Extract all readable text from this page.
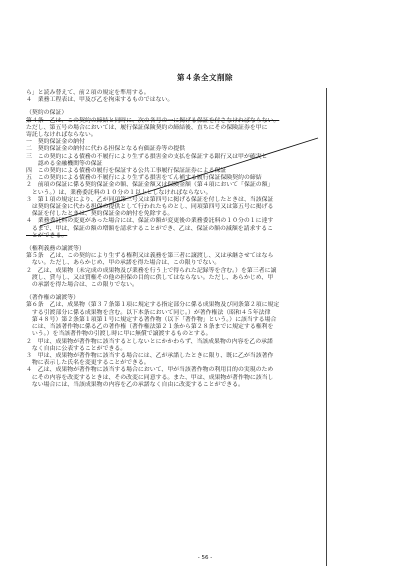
第４条全文削除

ら」と読み替えて、前２項の規定を準用する。

４　業務工程表は、甲及び乙を拘束するものではない。

（契約の保証）

第４条　乙は、この契約の締結と同時に、次の各号の一に掲げる保証を付さなければならない。

ただし、第五号の場合においては、履行保証保険契約の締結後、直ちにその保険証券を甲に

寄託しなければならない。

一　契約保証金の納付

二　契約保証金の納付に代わる担保となる有価証券等の提供

三　この契約による債務の不履行により生ずる損害金の支払を保証する銀行又は甲が確実と

　　認める金融機関等の保証

四　この契約による債務の履行を保証する公共工事履行保証証券による保証

五　この契約による債務の不履行により生ずる損害をてん補する履行保証保険契約の締結

２　前項の保証に係る契約保証金の額、保証金額又は保険金額（第４項において「保証の額」

　という。）は、業務委託料の１０分の１以上としなければならない。

３　第１項の規定により、乙が同項第三号又は第四号に掲げる保証を付したときは、当該保証

　は契約保証金に代わる担保の提供として行われたものとし、同項第四号又は第五号に掲げる

　保証を付したときは、契約保証金の納付を免除する。

４　業務委託料の変更があった場合には、保証の額が変更後の業務委託料の１０分の１に達す

　るまで、甲は、保証の額の増額を請求することができ、乙は、保証の額の減額を請求するこ

　とができる。

（権利義務の譲渡等）

第５条　乙は、この契約により生ずる権利又は義務を第三者に譲渡し、又は承継させてはなら

　ない。ただし、あらかじめ、甲の承諾を得た場合は、この限りでない。

２　乙は、成果物（未完成の成果物及び業務を行う上で得られた記録等を含む。）を第三者に譲

　渡し、貸与し、又は質権その他の担保の目的に供してはならない。ただし、あらかじめ、甲

　の承諾を得た場合は、この限りでない。

（著作権の譲渡等）

第６条　乙は、成果物（第３７条第１項に規定する指定部分に係る成果物及び同条第２項に規定

　する引渡部分に係る成果物を含む。以下本条において同じ。）が著作権法（昭和４５年法律

　第４８号）第２条第１項第１号に規定する著作物（以下「著作物」という。）に該当する場合

　には、当該著作物に係る乙の著作権（著作権法第２１条から第２８条までに規定する権利を

　いう。）を当該著作物の引渡し時に甲に無償で譲渡するものとする。

２　甲は、成果物が著作物に該当するとしないとにかかわらず、当該成果物の内容を乙の承諾

　なく自由に公表することができる。

３　甲は、成果物が著作物に該当する場合には、乙が承諾したときに限り、既に乙が当該著作

　物に表示した氏名を変更することができる。

４　乙は、成果物が著作物に該当する場合において、甲が当該著作物の利用目的の実現のため

　にその内容を改変するときは、その改変に同意する。また、甲は、成果物が著作物に該当し

　ない場合には、当該成果物の内容を乙の承諾なく自由に改変することができる。

- 56 -
